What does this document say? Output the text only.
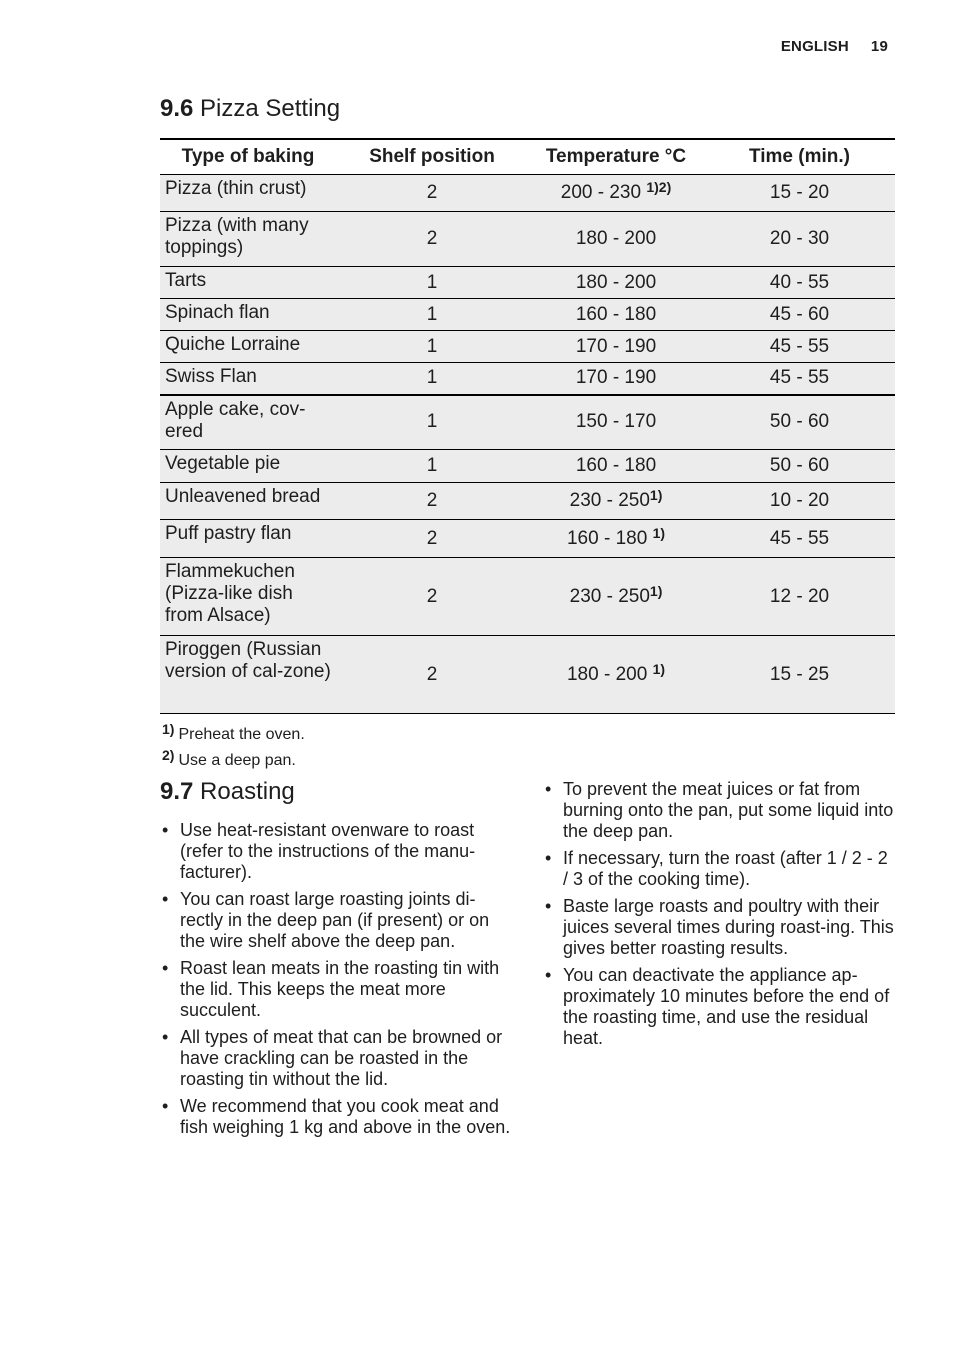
ENGLISH 19
9.6 Pizza Setting
Type of baking	Shelf position	Temperature °C	Time (min.)
Pizza (thin crust)	2	200 - 230 $^{1)2)}$	15 - 20
Pizza (with many toppings)	2	180 - 200	20 - 30
Tarts	1	180 - 200	40 - 55
Spinach flan	1	160 - 180	45 - 60
Quiche Lorraine	1	170 - 190	45 - 55
Swiss Flan	1	170 - 190	45 - 55
Apple cake, cov-ered	1	150 - 170	50 - 60
Vegetable pie	1	160 - 180	50 - 60
Unleavened bread	2	230 - 250$^{1)}$	10 - 20
Puff pastry flan	2	160 - 180 $^{1)}$	45 - 55
Flammekuchen (Pizza-like dish from Alsace)	2	230 - 250$^{1)}$	12 - 20
Piroggen (Russian version of cal-zone)	2	180 - 200 $^{1)}$	15 - 25
$^{1)}$ Preheat the oven.
$^{2)}$ Use a deep pan.
9.7 Roasting
• Use heat-resistant ovenware to roast (refer to the instructions of the manu-facturer).
• You can roast large roasting joints di-rectly in the deep pan (if present) or on the wire shelf above the deep pan.
• Roast lean meats in the roasting tin with the lid. This keeps the meat more succulent.
• All types of meat that can be browned or have crackling can be roasted in the roasting tin without the lid.
• We recommend that you cook meat and fish weighing 1 kg and above in the oven.
• To prevent the meat juices or fat from burning onto the pan, put some liquid into the deep pan.
• If necessary, turn the roast (after 1 / 2 - 2 / 3 of the cooking time).
• Baste large roasts and poultry with their juices several times during roast-ing. This gives better roasting results.
• You can deactivate the appliance ap-proximately 10 minutes before the end of the roasting time, and use the residual heat.
